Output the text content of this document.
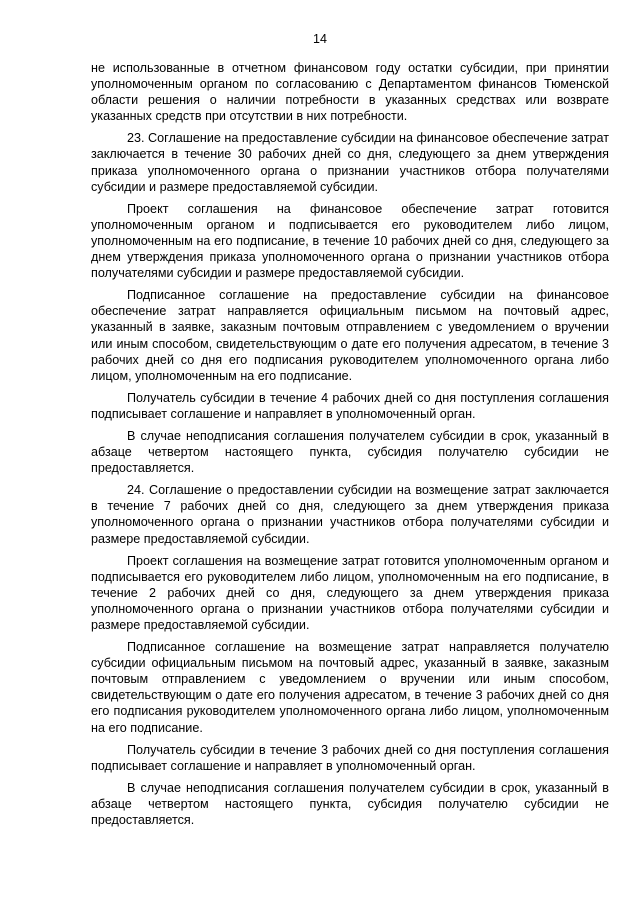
14

не использованные в отчетном финансовом году остатки субсидии, при принятии уполномоченным органом по согласованию с Департаментом финансов Тюменской области решения о наличии потребности в указанных средствах или возврате указанных средств при отсутствии в них потребности.

23. Соглашение на предоставление субсидии на финансовое обеспечение затрат заключается в течение 30 рабочих дней со дня, следующего за днем утверждения приказа уполномоченного органа о признании участников отбора получателями субсидии и размере предоставляемой субсидии.

Проект соглашения на финансовое обеспечение затрат готовится уполномоченным органом и подписывается его руководителем либо лицом, уполномоченным на его подписание, в течение 10 рабочих дней со дня, следующего за днем утверждения приказа уполномоченного органа о признании участников отбора получателями субсидии и размере предоставляемой субсидии.

Подписанное соглашение на предоставление субсидии на финансовое обеспечение затрат направляется официальным письмом на почтовый адрес, указанный в заявке, заказным почтовым отправлением с уведомлением о вручении или иным способом, свидетельствующим о дате его получения адресатом, в течение 3 рабочих дней со дня его подписания руководителем уполномоченного органа либо лицом, уполномоченным на его подписание.

Получатель субсидии в течение 4 рабочих дней со дня поступления соглашения подписывает соглашение и направляет в уполномоченный орган.

В случае неподписания соглашения получателем субсидии в срок, указанный в абзаце четвертом настоящего пункта, субсидия получателю субсидии не предоставляется.

24. Соглашение о предоставлении субсидии на возмещение затрат заключается в течение 7 рабочих дней со дня, следующего за днем утверждения приказа уполномоченного органа о признании участников отбора получателями субсидии и размере предоставляемой субсидии.

Проект соглашения на возмещение затрат готовится уполномоченным органом и подписывается его руководителем либо лицом, уполномоченным на его подписание, в течение 2 рабочих дней со дня, следующего за днем утверждения приказа уполномоченного органа о признании участников отбора получателями субсидии и размере предоставляемой субсидии.

Подписанное соглашение на возмещение затрат направляется получателю субсидии официальным письмом на почтовый адрес, указанный в заявке, заказным почтовым отправлением с уведомлением о вручении или иным способом, свидетельствующим о дате его получения адресатом, в течение 3 рабочих дней со дня его подписания руководителем уполномоченного органа либо лицом, уполномоченным на его подписание.

Получатель субсидии в течение 3 рабочих дней со дня поступления соглашения подписывает соглашение и направляет в уполномоченный орган.

В случае неподписания соглашения получателем субсидии в срок, указанный в абзаце четвертом настоящего пункта, субсидия получателю субсидии не предоставляется.
